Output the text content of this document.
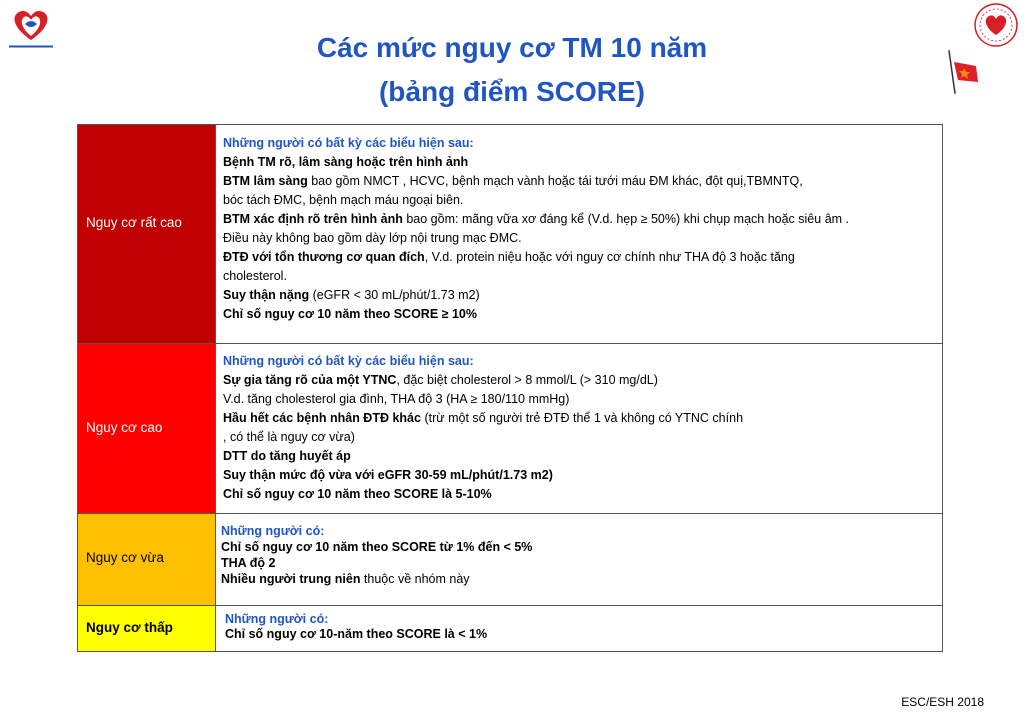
Các mức nguy cơ TM 10 năm
(bảng điểm SCORE)
Nguy cơ rất cao
Những người có bất kỳ các biểu hiện sau:
Bệnh TM rõ, lâm sàng hoặc trên hình ảnh
BTM lâm sàng bao gồm NMCT , HCVC, bệnh mạch vành hoặc tái tưới máu ĐM khác, đột quị,TBMNTQ,
bóc tách ĐMC, bệnh mạch máu ngoại biên.
BTM xác định rõ trên hình ảnh bao gồm: mãng vữa xơ đáng kể (V.d. hẹp ≥ 50%) khi chụp mạch hoặc siêu âm .
Điều này không bao gồm dày lớp nội trung mạc ĐMC.
ĐTĐ với tổn thương cơ quan đích, V.d. protein niệu hoặc với nguy cơ chính như THA độ 3 hoặc tăng
cholesterol.
Suy thận nặng (eGFR < 30 mL/phút/1.73 m2)
Chỉ số nguy cơ 10 năm theo SCORE ≥ 10%
Nguy cơ cao
Những người có bất kỳ các biểu hiện sau:
Sự gia tăng rõ của một YTNC, đặc biệt cholesterol > 8 mmol/L (> 310 mg/dL)
V.d. tăng cholesterol gia đình, THA độ 3 (HA ≥ 180/110 mmHg)
Hầu hết các bệnh nhân ĐTĐ khác (trừ một số người trẻ ĐTĐ thể 1 và không có YTNC chính
, có thể là nguy cơ vừa)
DTT do tăng huyết áp
Suy thận mức độ vừa với eGFR 30-59 mL/phút/1.73 m2)
Chỉ số nguy cơ 10 năm theo SCORE là 5-10%
Nguy cơ vừa
Những người có:
Chỉ số nguy cơ 10 năm theo SCORE từ 1% đến < 5%
THA độ 2
Nhiều người trung niên thuộc về nhóm này
Nguy cơ thấp
Những người có:
Chỉ số nguy cơ 10-năm theo SCORE là < 1%
ESC/ESH 2018
